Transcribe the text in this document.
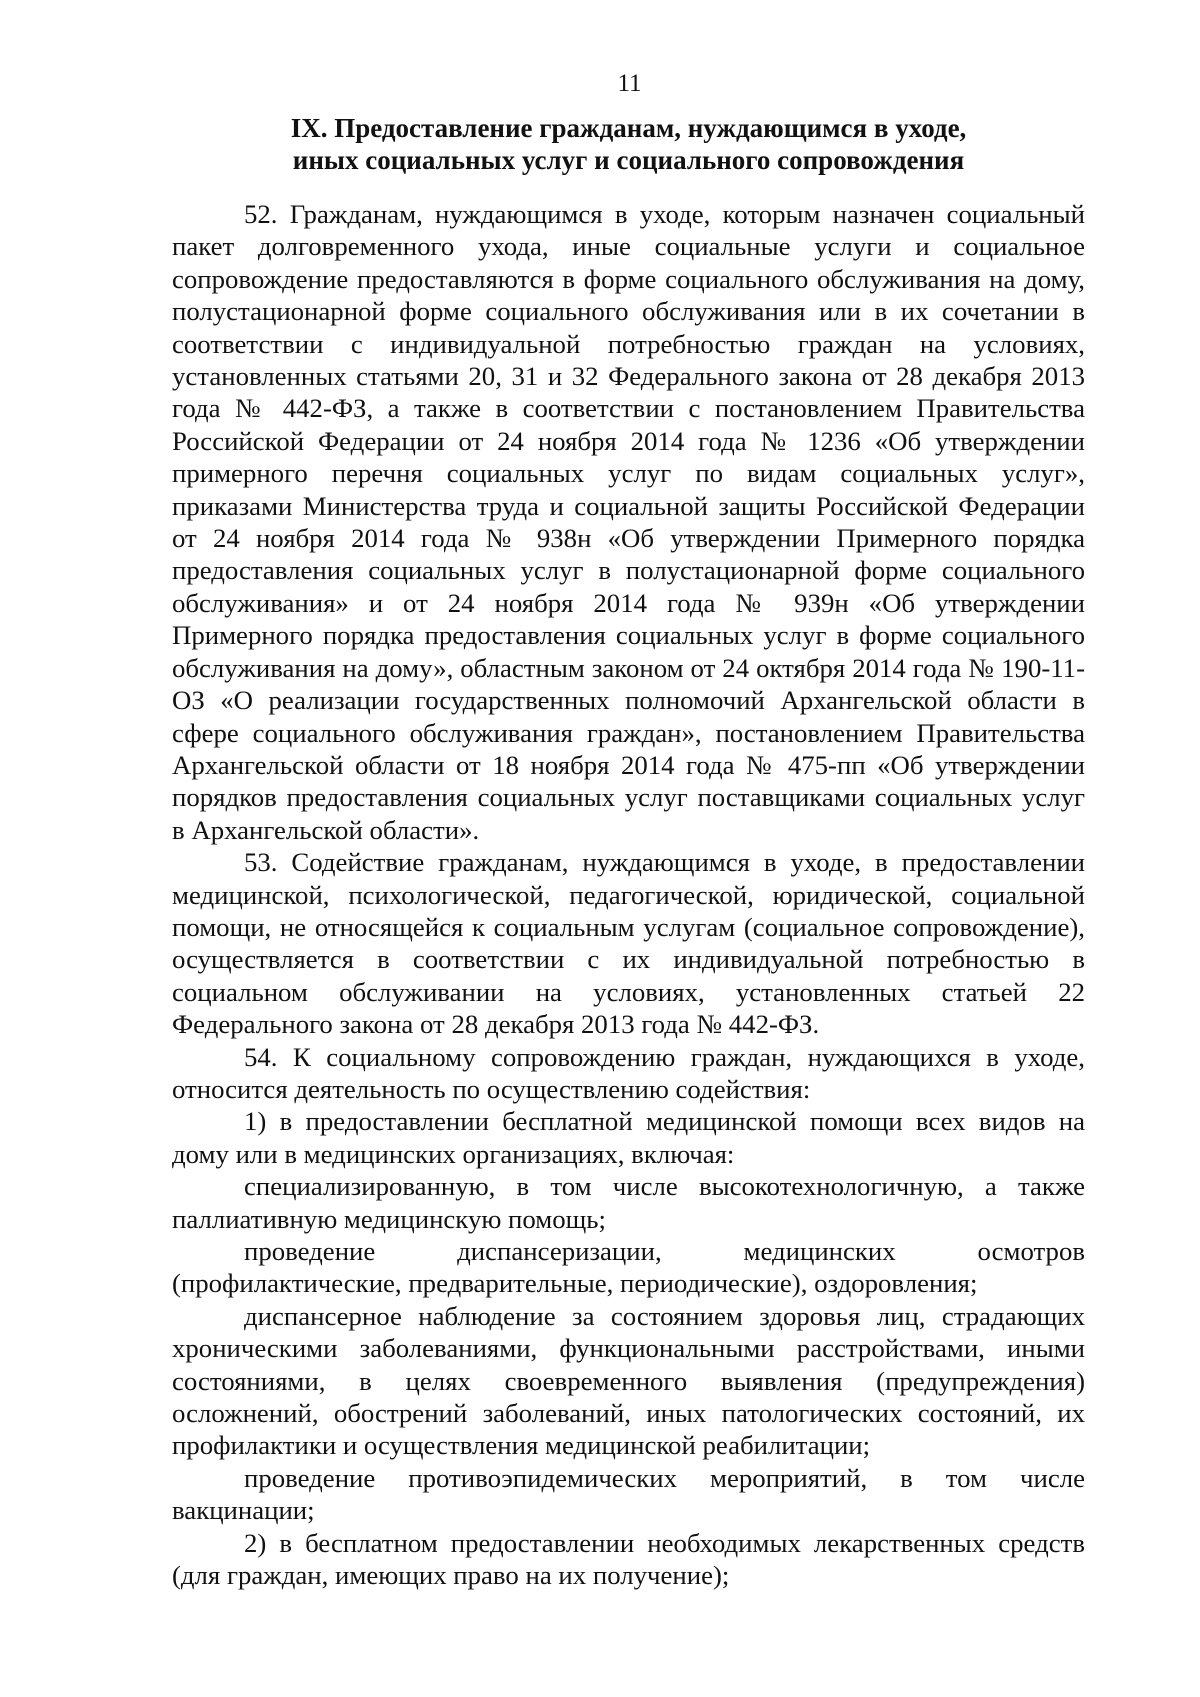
11
IX. Предоставление гражданам, нуждающимся в уходе,
иных социальных услуг и социального сопровождения

52. Гражданам, нуждающимся в уходе, которым назначен социальный пакет долговременного ухода, иные социальные услуги и социальное сопровождение предоставляются в форме социального обслуживания на дому, полустационарной форме социального обслуживания или в их сочетании в соответствии с индивидуальной потребностью граждан на условиях, установленных статьями 20, 31 и 32 Федерального закона от 28 декабря 2013 года № 442-ФЗ, а также в соответствии с постановлением Правительства Российской Федерации от 24 ноября 2014 года № 1236 «Об утверждении примерного перечня социальных услуг по видам социальных услуг», приказами Министерства труда и социальной защиты Российской Федерации от 24 ноября 2014 года № 938н «Об утверждении Примерного порядка предоставления социальных услуг в полустационарной форме социального обслуживания» и от 24 ноября 2014 года № 939н «Об утверждении Примерного порядка предоставления социальных услуг в форме социального обслуживания на дому», областным законом от 24 октября 2014 года № 190-11-ОЗ «О реализации государственных полномочий Архангельской области в сфере социального обслуживания граждан», постановлением Правительства Архангельской области от 18 ноября 2014 года № 475-пп «Об утверждении порядков предоставления социальных услуг поставщиками социальных услуг в Архангельской области».

53. Содействие гражданам, нуждающимся в уходе, в предоставлении медицинской, психологической, педагогической, юридической, социальной помощи, не относящейся к социальным услугам (социальное сопровождение), осуществляется в соответствии с их индивидуальной потребностью в социальном обслуживании на условиях, установленных статьей 22 Федерального закона от 28 декабря 2013 года № 442-ФЗ.

54. К социальному сопровождению граждан, нуждающихся в уходе, относится деятельность по осуществлению содействия:

1) в предоставлении бесплатной медицинской помощи всех видов на дому или в медицинских организациях, включая:

специализированную, в том числе высокотехнологичную, а также паллиативную медицинскую помощь;

проведение диспансеризации, медицинских осмотров (профилактические, предварительные, периодические), оздоровления;

диспансерное наблюдение за состоянием здоровья лиц, страдающих хроническими заболеваниями, функциональными расстройствами, иными состояниями, в целях своевременного выявления (предупреждения) осложнений, обострений заболеваний, иных патологических состояний, их профилактики и осуществления медицинской реабилитации;

проведение противоэпидемических мероприятий, в том числе вакцинации;

2) в бесплатном предоставлении необходимых лекарственных средств (для граждан, имеющих право на их получение);
